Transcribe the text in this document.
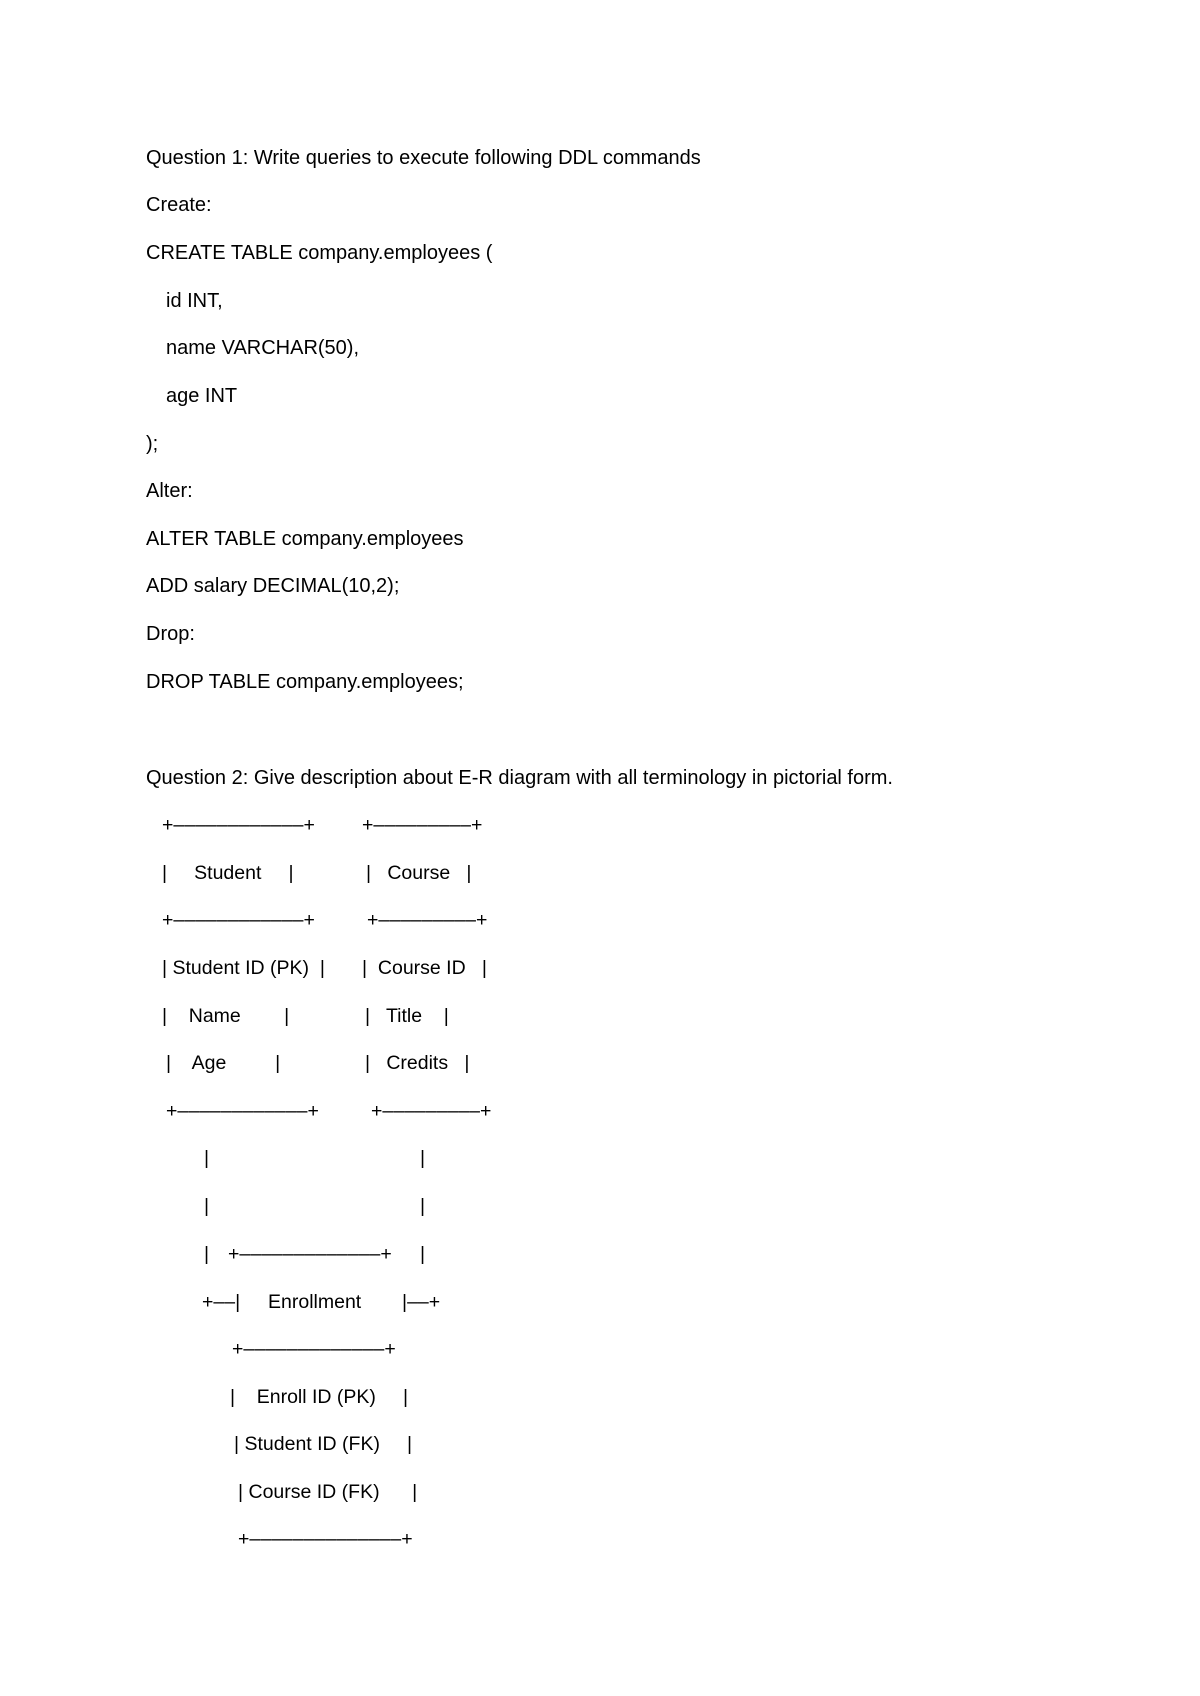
Question 1: Write queries to execute following DDL commands
Create:
CREATE TABLE company.employees (
id INT,
name VARCHAR(50),
age INT
);
Alter:
ALTER TABLE company.employees
ADD salary DECIMAL(10,2);
Drop:
DROP TABLE company.employees;
Question 2: Give description about E-R diagram with all terminology in pictorial form.
+––––––––––––+ +–––––––––+
|     Student     |	|   Course   |
+––––––––––––+	+–––––––––+
| Student ID (PK)  | |  Course ID   |
|    Name        |	|   Title    |
|    Age         |	|   Credits   |
+––––––––––––+	+–––––––––+
|	|
|	|
| +–––––––––––––+ |
+––| Enrollment |––+
+–––––––––––––+
|    Enroll ID (PK)     |
| Student ID (FK)     |
| Course ID (FK)      |
+––––––––––––––+
